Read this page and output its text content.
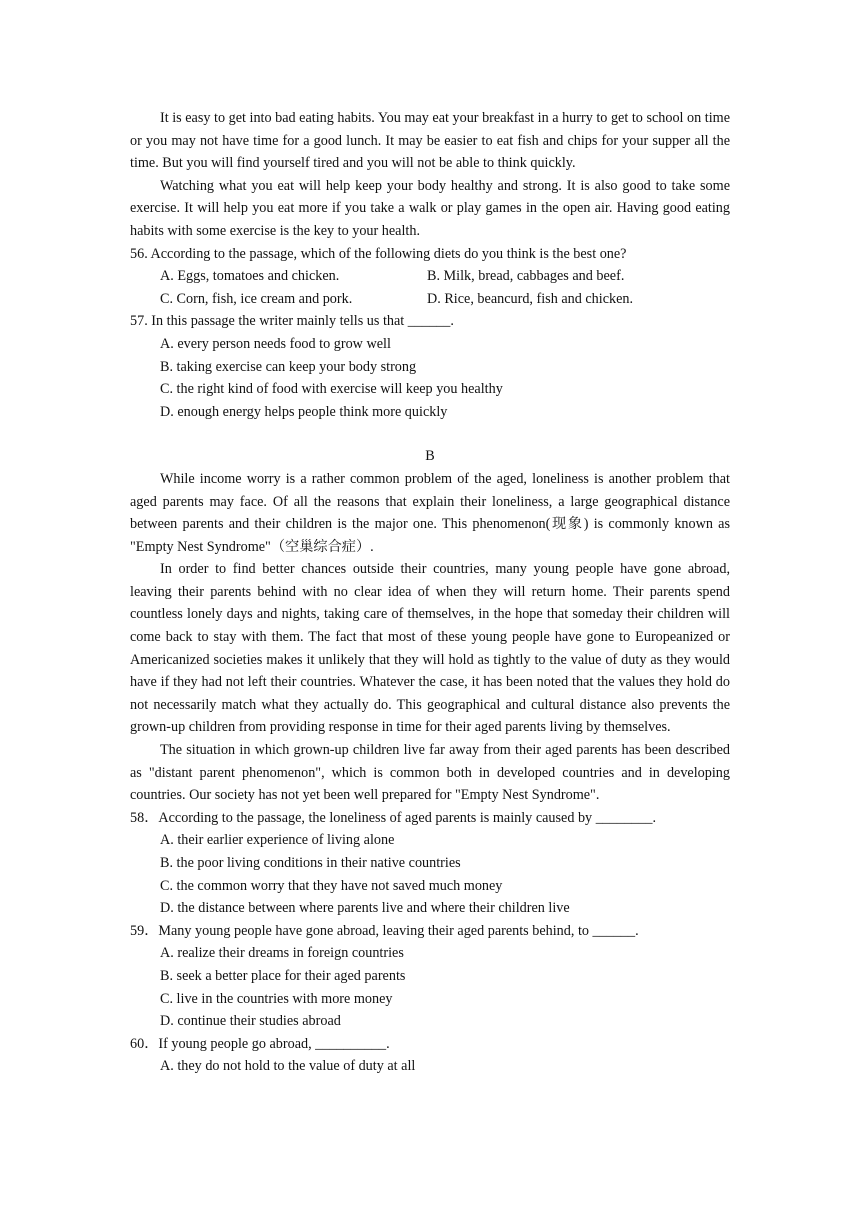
It is easy to get into bad eating habits. You may eat your breakfast in a hurry to get to school on time or you may not have time for a good lunch. It may be easier to eat fish and chips for your supper all the time. But you will find yourself tired and you will not be able to think quickly.

Watching what you eat will help keep your body healthy and strong. It is also good to take some exercise. It will help you eat more if you take a walk or play games in the open air. Having good eating habits with some exercise is the key to your health.

56. According to the passage, which of the following diets do you think is the best one?
A. Eggs, tomatoes and chicken.	B. Milk, bread, cabbages and beef.
C. Corn, fish, ice cream and pork.	D. Rice, beancurd, fish and chicken.
57. In this passage the writer mainly tells us that ______.
A. every person needs food to grow well
B. taking exercise can keep your body strong
C. the right kind of food with exercise will keep you healthy
D. enough energy helps people think more quickly
B

While income worry is a rather common problem of the aged, loneliness is another problem that aged parents may face. Of all the reasons that explain their loneliness, a large geographical distance between parents and their children is the major one. This phenomenon(现象) is commonly known as "Empty Nest Syndrome"（空巢综合症）.

In order to find better chances outside their countries, many young people have gone abroad, leaving their parents behind with no clear idea of when they will return home. Their parents spend countless lonely days and nights, taking care of themselves, in the hope that someday their children will come back to stay with them. The fact that most of these young people have gone to Europeanized or Americanized societies makes it unlikely that they will hold as tightly to the value of duty as they would have if they had not left their countries. Whatever the case, it has been noted that the values they hold do not necessarily match what they actually do. This geographical and cultural distance also prevents the grown-up children from providing response in time for their aged parents living by themselves.

The situation in which grown-up children live far away from their aged parents has been described as "distant parent phenomenon", which is common both in developed countries and in developing countries. Our society has not yet been well prepared for "Empty Nest Syndrome".

58．According to the passage, the loneliness of aged parents is mainly caused by ________.
A. their earlier experience of living alone
B. the poor living conditions in their native countries
C. the common worry that they have not saved much money
D. the distance between where parents live and where their children live
59．Many young people have gone abroad, leaving their aged parents behind, to ______.
A. realize their dreams in foreign countries
B. seek a better place for their aged parents
C. live in the countries with more money
D. continue their studies abroad
60．If young people go abroad, __________.
A. they do not hold to the value of duty at all
